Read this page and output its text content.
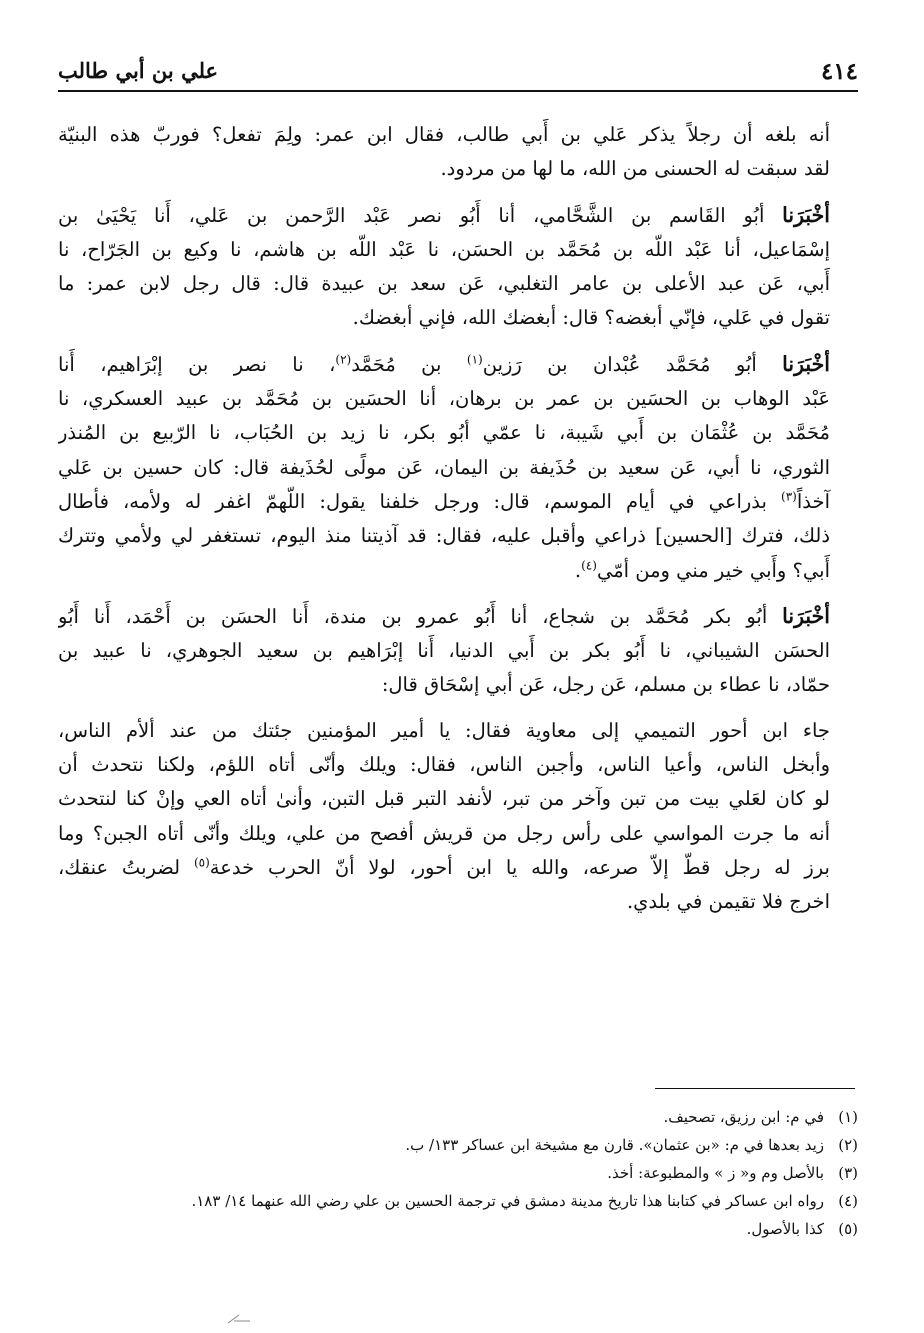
٤١٤
علي بن أبي طالب
أنه بلغه أن رجلاً يذكر عَلي بن أَبي طالب، فقال ابن عمر: ولِمَ تفعل؟ فوربّ هذه البنيّة
لقد سبقت له الحسنى من الله، ما لها من مردود.
أخْبَرَنا أبُو القَاسم بن الشَّحَّامي، أنا أَبُو نصر عَبْد الرَّحمن بن عَلي، أَنا يَحْيَىٰ بن
إسْمَاعيل، أنا عَبْد اللّه بن مُحَمَّد بن الحسَن، نا عَبْد اللّه بن هاشم، نا وكيع بن الجَرّاح، نا
أَبي، عَن عبد الأعلى بن عامر التغلبي، عَن سعد بن عبيدة قال: قال رجل لابن عمر: ما
تقول في عَلي، فإنّي أبغضه؟ قال: أبغضك الله، فإني أبغضك.
أخْبَرَنا أبُو مُحَمَّد عُبْدان بن رَزين$^{(١)}$ بن مُحَمَّد$^{(٢)}$، نا نصر بن إبْرَاهيم، أَنا
عَبْد الوهاب بن الحسَين بن عمر بن برهان، أنا الحسَين بن مُحَمَّد بن عبيد العسكري، نا
مُحَمَّد بن عُثْمَان بن أَبي شَيبة، نا عمّي أبُو بكر، نا زيد بن الحُبَاب، نا الرّبيع بن المُنذر
الثوري، نا أبي، عَن سعيد بن حُذَيفة بن اليمان، عَن مولًى لحُذَيفة قال: كان حسين بن عَلي
آخذاً$^{(٣)}$ بذراعي في أيام الموسم، قال: ورجل خلفنا يقول: اللّهمّ اغفر له ولأمه، فأطال
ذلك، فترك [الحسين] ذراعي وأقبل عليه، فقال: قد آذيتنا منذ اليوم، تستغفر لي ولأمي وتترك
أَبي؟ وأَبي خير مني ومن أمّي$^{(٤)}$.
أخْبَرَنا أبُو بكر مُحَمَّد بن شجاع، أنا أَبُو عمرو بن مندة، أَنا الحسَن بن أَحْمَد، أَنا أَبُو
الحسَن الشيباني، نا أَبُو بكر بن أَبي الدنيا، أَنا إبْرَاهيم بن سعيد الجوهري، نا عبيد بن
حمّاد، نا عطاء بن مسلم، عَن رجل، عَن أبي إسْحَاق قال:
جاء ابن أحور التميمي إلى معاوية فقال: يا أمير المؤمنين جئتك من عند ألأم الناس،
وأبخل الناس، وأعيا الناس، وأجبن الناس، فقال: ويلك وأنّى أتاه اللؤم، ولكنا نتحدث أن
لو كان لعَلي بيت من تبن وآخر من تبر، لأنفد التبر قبل التبن، وأنىٰ أتاه العي وإنْ كنا لنتحدث
أنه ما جرت المواسي على رأس رجل من قريش أفصح من علي، ويلك وأنّى أتاه الجبن؟ وما
برز له رجل قطّ إلاّ صرعه، والله يا ابن أحور، لولا أنّ الحرب خدعة$^{(٥)}$ لضربتُ عنقك،
اخرج فلا تقيمن في بلدي.
(١)
في م: ابن رزيق، تصحيف.
(٢)
زيد بعدها في م: «بن عثمان». قارن مع مشيخة ابن عساكر ١٣٣/ ب.
(٣)
بالأصل وم و« ز » والمطبوعة: أخذ.
(٤)
رواه ابن عساكر في كتابنا هذا تاريخ مدينة دمشق في ترجمة الحسين بن علي رضي الله عنهما ١٤/ ١٨٣.
(٥)
كذا بالأصول.
